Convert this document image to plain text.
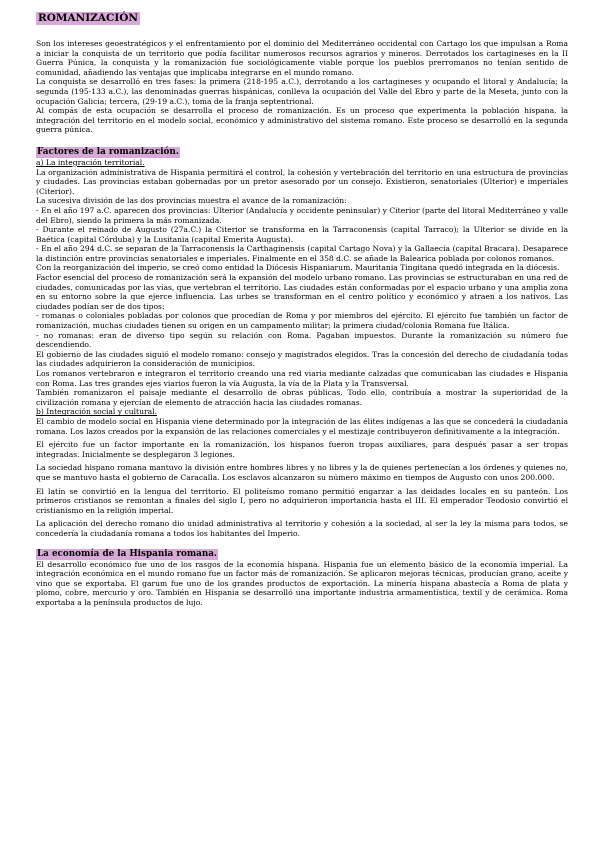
ROMANIZACIÓN

Son los intereses geoestratégicos y el enfrentamiento por el dominio del Mediterráneo occidental con Cartago los que impulsan a Roma a iniciar la conquista de un territorio que podía facilitar numerosos recursos agrarios y mineros. Derrotados los cartagineses en la II Guerra Púnica, la conquista y la romanización fue sociológicamente viable porque los pueblos prerromanos no tenían sentido de comunidad, añadiendo las ventajas que implicaba integrarse en el mundo romano.

La conquista se desarrolló en tres fases: la primera (218-195 a.C.), derrotando a los cartagineses y ocupando el litoral y Andalucía; la segunda (195-133 a.C.), las denominadas guerras hispánicas, conlleva la ocupación del Valle del Ebro y parte de la Meseta, junto con la ocupación Galicia; tercera, (29-19 a.C.), toma de la franja septentrional.

Al compás de esta ocupación se desarrolla el proceso de romanización. Es un proceso que experimenta la población hispana, la integración del territorio en el modelo social, económico y administrativo del sistema romano. Este proceso se desarrolló en la segunda guerra púnica.

Factores de la romanización.
a) La integración territorial.

La organización administrativa de Hispania permitirá el control, la cohesión y vertebración del territorio en una estructura de provincias y ciudades. Las provincias estaban gobernadas por un pretor asesorado por un consejo. Existieron, senatoriales (Ulterior) e imperiales (Citerior).

La sucesiva división de las dos provincias muestra el avance de la romanización:

- En el año 197 a.C. aparecen dos provincias: Ulterior (Andalucía y occidente peninsular) y Citerior (parte del litoral Mediterráneo y valle del Ebro), siendo la primera la más romanizada.

- Durante el reinado de Augusto (27a.C.) la Citerior se transforma en la Tarraconensis (capital Tarraco); la Ulterior se divide en la Baética (capital Córduba) y la Lusitania (capital Emerita Augusta).

- En el año 294 d.C. se separan de la Tarraconensis la Carthaginensis (capital Cartago Nova) y la Gallaecia (capital Bracara). Desaparece la distinción entre provincias senatoriales e imperiales. Finalmente en el 358 d.C. se añade la Balearica poblada por colonos romanos.

Con la reorganización del imperio, se creó como entidad la Diócesis Hispaniarum. Mauritania Tingitana quedó integrada en la diócesis.

Factor esencial del proceso de romanización será la expansión del modelo urbano romano. Las provincias se estructuraban en una red de ciudades, comunicadas por las vías, que vertebran el territorio. Las ciudades están conformadas por el espacio urbano y una amplia zona en su entorno sobre la que ejerce influencia. Las urbes se transforman en el centro político y económico y atraen a los nativos. Las ciudades podían ser de dos tipos:

- romanas o coloniales pobladas por colonos que procedían de Roma y por miembros del ejército. El ejército fue también un factor de romanización, muchas ciudades tienen su origen en un campamento militar; la primera ciudad/colonia Romana fue Itálica.

- no romanas: eran de diverso tipo según su relación con Roma. Pagaban impuestos. Durante la romanización su número fue descendiendo.

El gobierno de las ciudades siguió el modelo romano: consejo y magistrados elegidos. Tras la concesión del derecho de ciudadanía todas las ciudades adquirieron la consideración de municipios.

Los romanos vertebraron e integraron el territorio creando una red viaria mediante calzadas que comunicaban las ciudades e Hispania con Roma. Las tres grandes ejes viarios fueron la vía Augusta, la vía de la Plata y la Transversal.

También romanizaron el paisaje mediante el desarrollo de obras públicas. Todo ello, contribuía a mostrar la superioridad de la civilización romana y ejercían de elemento de atracción hacia las ciudades romanas.

b) Integración social y cultural.

El cambio de modelo social en Hispania viene determinado por la integración de las élites indígenas a las que se concederá la ciudadanía romana. Los lazos creados por la expansión de las relaciones comerciales y el mestizaje contribuyeron definitivamente a la integración.

El ejército fue un factor importante en la romanización, los hispanos fueron tropas auxiliares, para después pasar a ser tropas integradas. Inicialmente se desplegaron 3 legiones.

La sociedad hispano romana mantuvo la división entre hombres libres y no libres y la de quienes pertenecían a los órdenes y quienes no, que se mantuvo hasta el gobierno de Caracalla. Los esclavos alcanzaron su número máximo en tiempos de Augusto con unos 200.000.

El latín se convirtió en la lengua del territorio. El politeísmo romano permitió engarzar a las deidades locales en su panteón. Los primeros cristianos se remontan a finales del siglo I, pero no adquirieron importancia hasta el III. El emperador Teodosio convirtió el cristianismo en la religión imperial.

La aplicación del derecho romano dio unidad administrativa al territorio y cohesión a la sociedad, al ser la ley la misma para todos, se concedería la ciudadanía romana a todos los habitantes del Imperio.

La economía de la Hispania romana.

El desarrollo económico fue uno de los rasgos de la economía hispana. Hispania fue un elemento básico de la economía imperial. La integración económica en el mundo romano fue un factor más de romanización. Se aplicaron mejoras técnicas, producían grano, aceite y vino que se exportaba. El garum fue uno de los grandes productos de exportación. La minería hispana abastecía a Roma de plata y plomo, cobre, mercurio y oro. También en Hispania se desarrolló una importante industria armamentística, textil y de cerámica. Roma exportaba a la península productos de lujo.
